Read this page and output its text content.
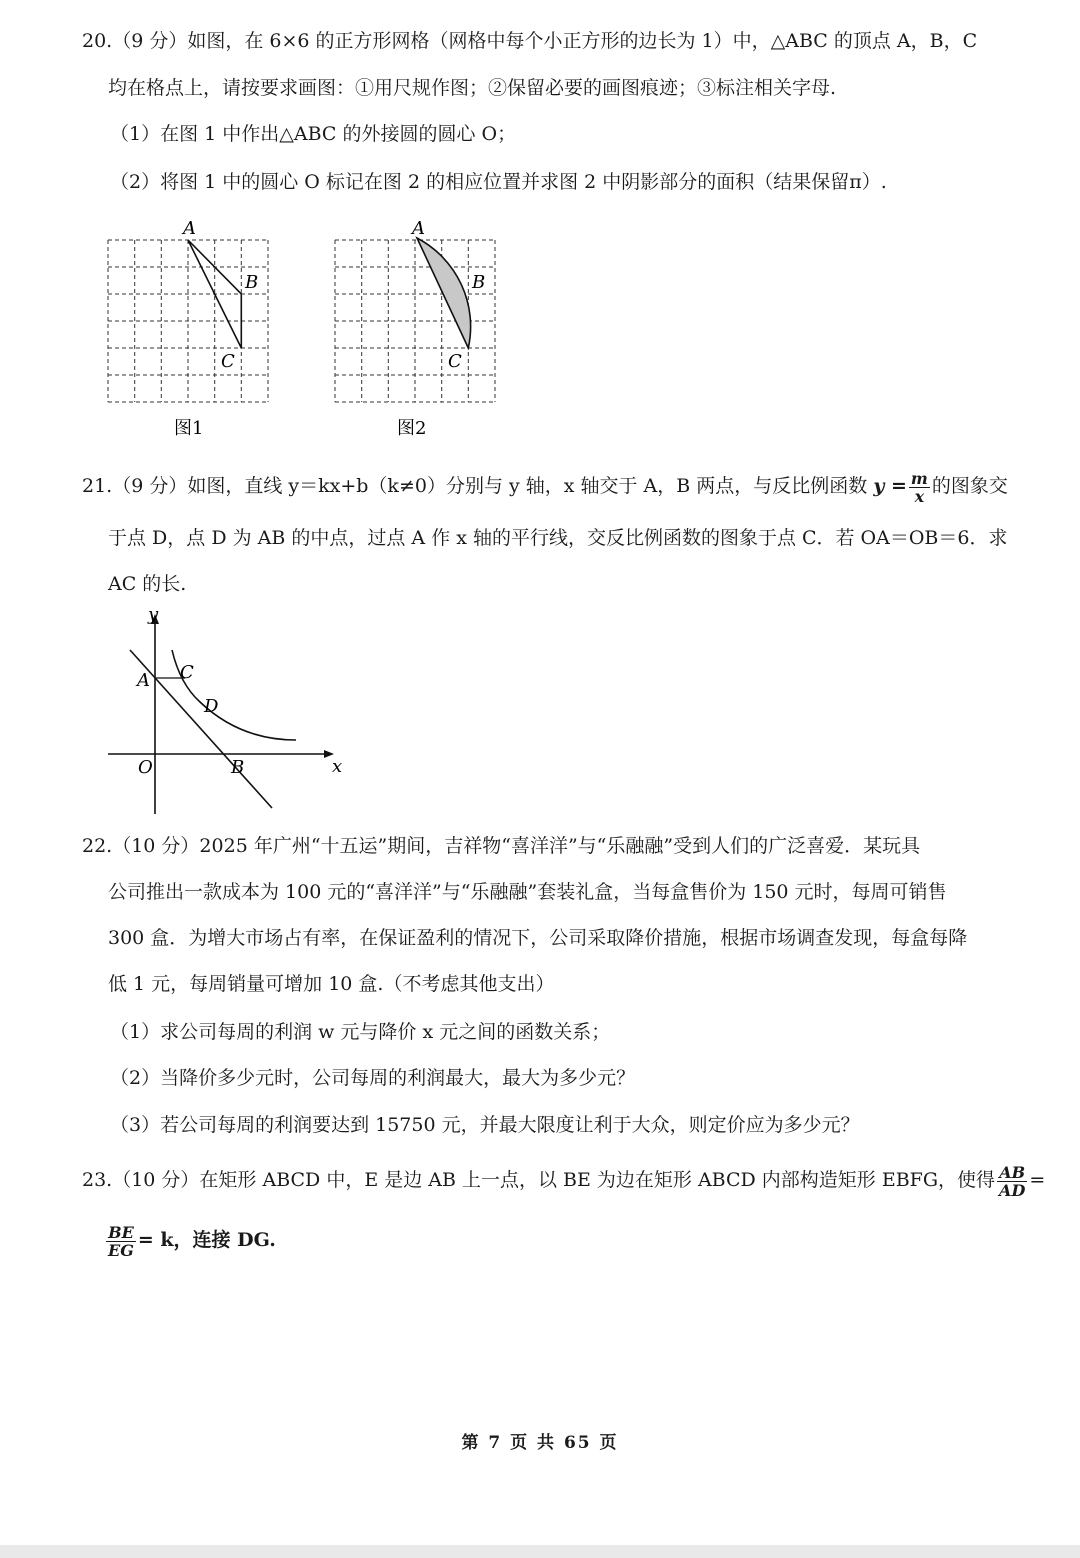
20.（9 分）如图，在 6×6 的正方形网格（网格中每个小正方形的边长为 1）中，△ABC 的顶点 A，B，C
均在格点上，请按要求画图：①用尺规作图；②保留必要的画图痕迹；③标注相关字母.
（1）在图 1 中作出△ABC 的外接圆的圆心 O；
（2）将图 1 中的圆心 O 标记在图 2 的相应位置并求图 2 中阴影部分的面积（结果保留π）.
A
B
C
图1
A
B
C
图2
21.（9 分）如图，直线 y＝kx+b（k≠0）分别与 y 轴，x 轴交于 A，B 两点，与反比例函数 $y = \frac{m}{x}$ 的图象交
于点 D，点 D 为 AB 的中点，过点 A 作 x 轴的平行线，交反比例函数的图象于点 C．若 OA＝OB＝6．求
AC 的长.
y
x
A C
D
O	B
22.（10 分）2025 年广州“十五运”期间，吉祥物“喜洋洋”与“乐融融”受到人们的广泛喜爱．某玩具
公司推出一款成本为 100 元的“喜洋洋”与“乐融融”套装礼盒，当每盒售价为 150 元时，每周可销售
300 盒．为增大市场占有率，在保证盈利的情况下，公司采取降价措施，根据市场调查发现，每盒每降
低 1 元，每周销量可增加 10 盒.（不考虑其他支出）
（1）求公司每周的利润 w 元与降价 x 元之间的函数关系；
（2）当降价多少元时，公司每周的利润最大，最大为多少元？
（3）若公司每周的利润要达到 15750 元，并最大限度让利于大众，则定价应为多少元？
23.（10 分）在矩形 ABCD 中，E 是边 AB 上一点，以 BE 为边在矩形 ABCD 内部构造矩形 EBFG，使得 $\frac{AB}{AD}$ =
$\frac{BE}{EG} = k$，连接 DG.
第 7 页 共 65 页
